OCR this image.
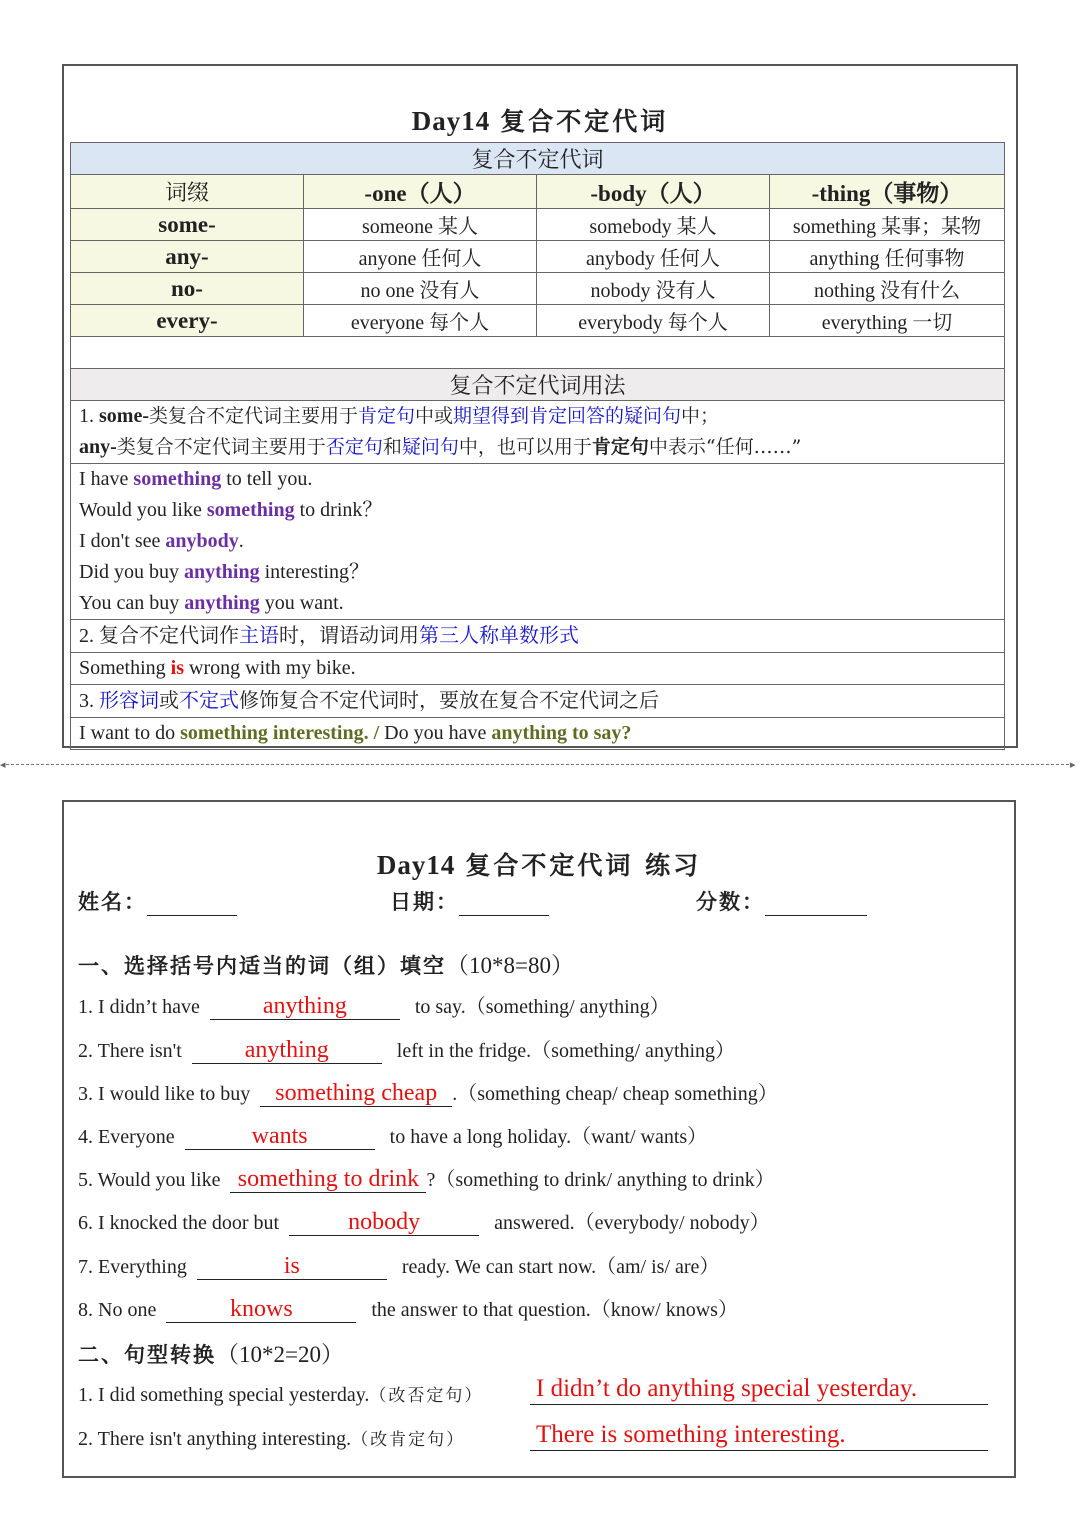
Day14 复合不定代词
复合不定代词			
词缀	-one（人）	-body（人）	-thing（事物）
some-	someone 某人	somebody 某人	something 某事；某物
any-	anyone 任何人	anybody 任何人	anything 任何事物
no-	no one 没有人	nobody 没有人	nothing 没有什么
every-	everyone 每个人	everybody 每个人	everything 一切

复合不定代词用法			

1. some-类复合不定代词主要用于肯定句中或期望得到肯定回答的疑问句中；
any-类复合不定代词主要用于否定句和疑问句中，也可以用于肯定句中表示“任何……”			

I have something to tell you.
Would you like something to drink？
I don't see anybody.
Did you buy anything interesting？
You can buy anything you want.			

2. 复合不定代词作主语时，谓语动词用第三人称单数形式			
Something is wrong with my bike.			
3. 形容词或不定式修饰复合不定代词时，要放在复合不定代词之后			
I want to do something interesting. / Do you have anything to say?			
◂	▸
Day14 复合不定代词 练习
姓名：	日期：	分数：
一、选择括号内适当的词（组）填空（10*8=80）
1. I didn’t have	anything	to say.（something/ anything）
2. There isn't	anything	left in the fridge.（something/ anything）
3. I would like to buy something cheap .（something cheap/ cheap something）
4. Everyone	wants	to have a long holiday.（want/ wants）
5. Would you like something to drink ?（something to drink/ anything to drink）
6. I knocked the door but	nobody	answered.（everybody/ nobody）
7. Everything	is	ready. We can start now.（am/ is/ are）
8. No one	knows	the answer to that question.（know/ knows）
二、句型转换（10*2=20）
1. I did something special yesterday.（改否定句） I didn’t do anything special yesterday.
2. There isn't anything interesting.（改肯定句）	There is something interesting.
